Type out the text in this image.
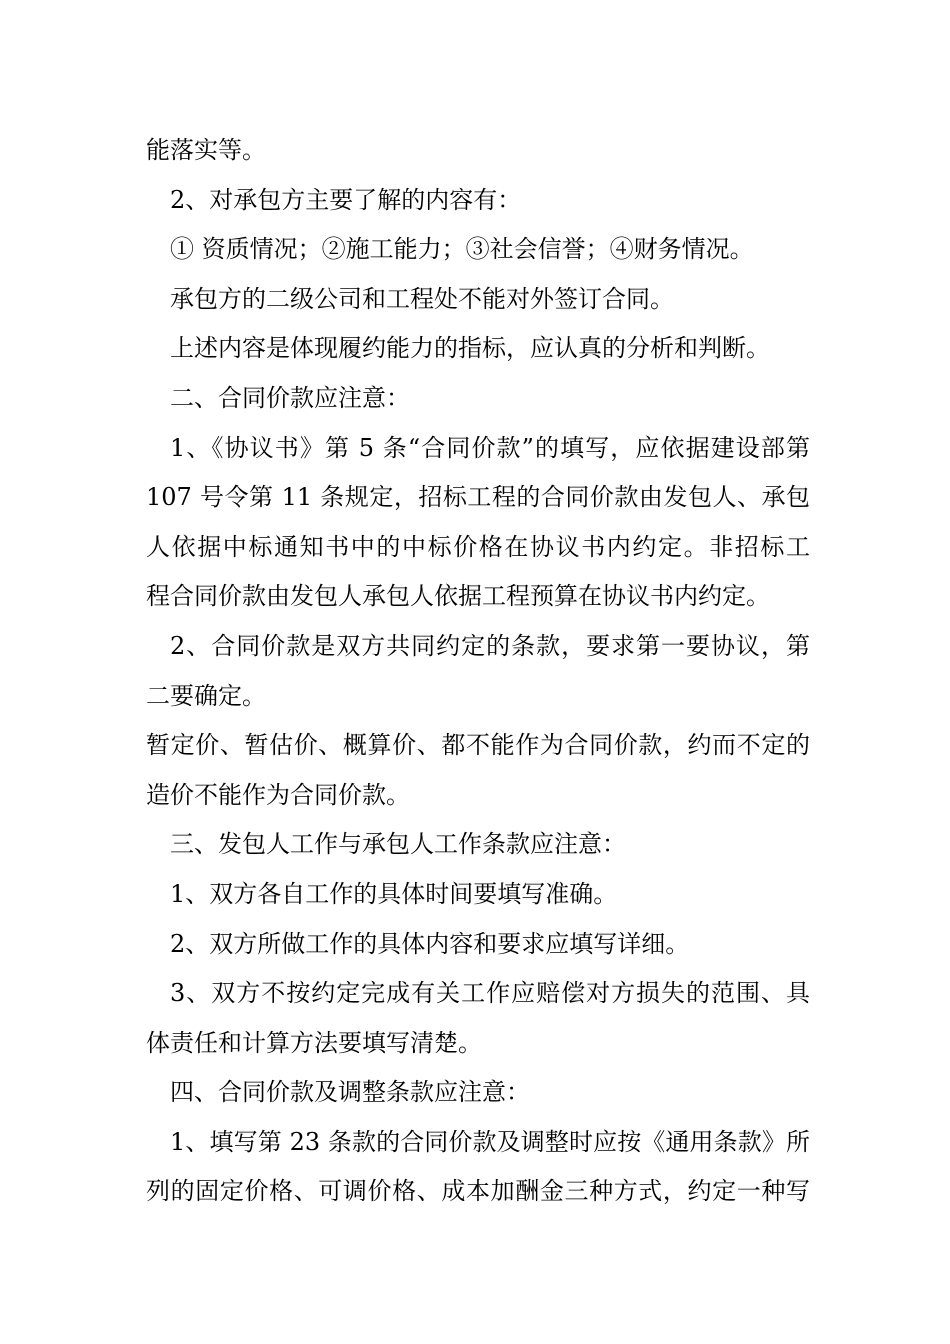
能落实等。
2、对承包方主要了解的内容有：
① 资质情况；②施工能力；③社会信誉；④财务情况。
承包方的二级公司和工程处不能对外签订合同。
上述内容是体现履约能力的指标，应认真的分析和判断。
二、合同价款应注意：
1、《协议书》第 5 条“合同价款”的填写，应依据建设部第
107 号令第 11 条规定，招标工程的合同价款由发包人、承包
人依据中标通知书中的中标价格在协议书内约定。非招标工
程合同价款由发包人承包人依据工程预算在协议书内约定。
2、合同价款是双方共同约定的条款，要求第一要协议，第
二要确定。
暂定价、暂估价、概算价、都不能作为合同价款，约而不定的
造价不能作为合同价款。
三、发包人工作与承包人工作条款应注意：
1、双方各自工作的具体时间要填写准确。
2、双方所做工作的具体内容和要求应填写详细。
3、双方不按约定完成有关工作应赔偿对方损失的范围、具
体责任和计算方法要填写清楚。
四、合同价款及调整条款应注意：
1、填写第 23 条款的合同价款及调整时应按《通用条款》所
列的固定价格、可调价格、成本加酬金三种方式，约定一种写
